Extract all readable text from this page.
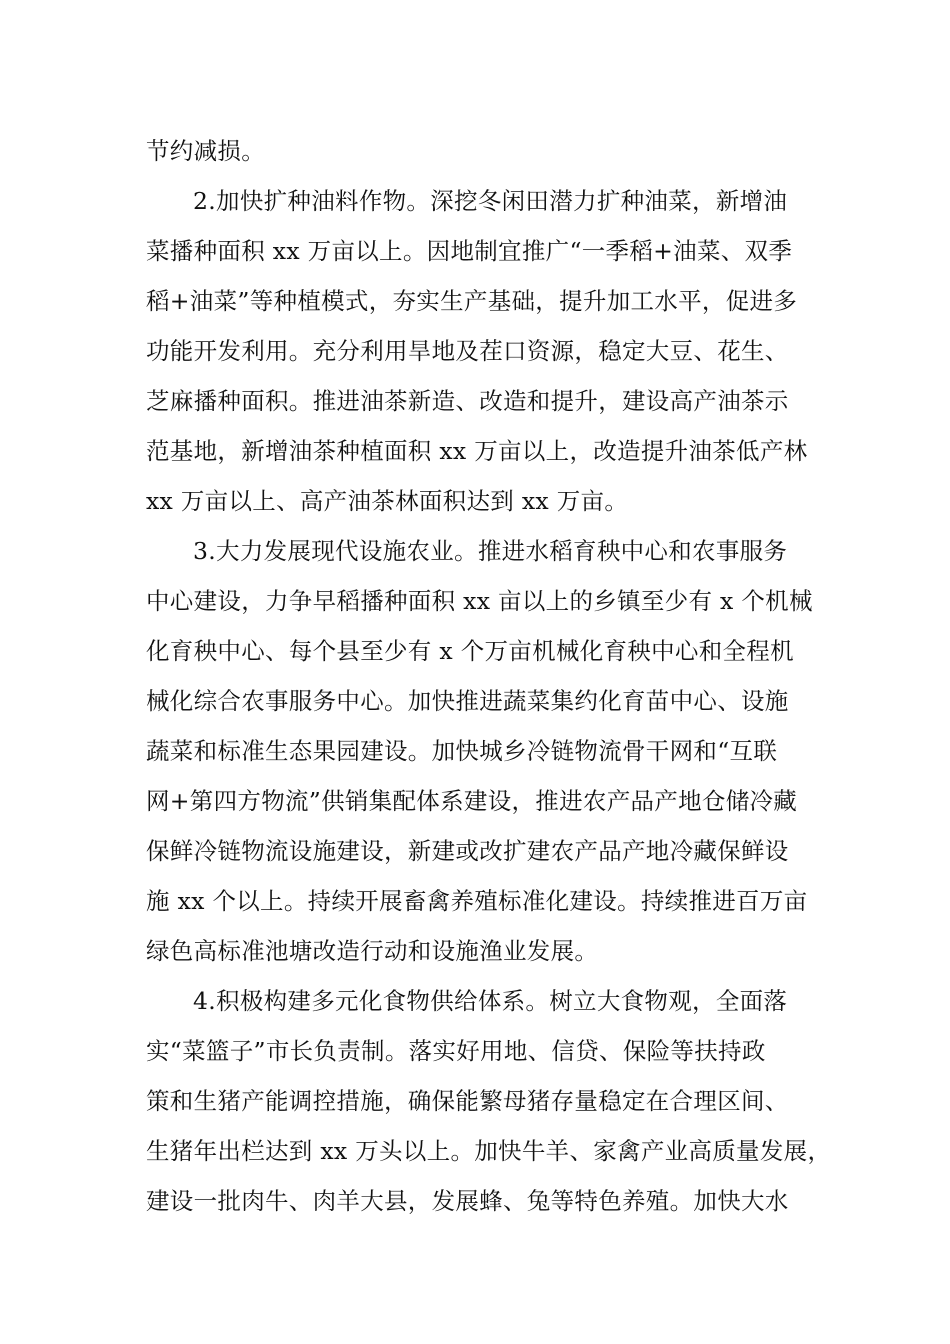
节约减损。
2.加快扩种油料作物。深挖冬闲田潜力扩种油菜，新增油
菜播种面积 xx 万亩以上。因地制宜推广“一季稻+油菜、双季
稻+油菜”等种植模式，夯实生产基础，提升加工水平，促进多
功能开发利用。充分利用旱地及茬口资源，稳定大豆、花生、
芝麻播种面积。推进油茶新造、改造和提升，建设高产油茶示
范基地，新增油茶种植面积 xx 万亩以上，改造提升油茶低产林
xx 万亩以上、高产油茶林面积达到 xx 万亩。
3.大力发展现代设施农业。推进水稻育秧中心和农事服务
中心建设，力争早稻播种面积 xx 亩以上的乡镇至少有 x 个机械
化育秧中心、每个县至少有 x 个万亩机械化育秧中心和全程机
械化综合农事服务中心。加快推进蔬菜集约化育苗中心、设施
蔬菜和标准生态果园建设。加快城乡冷链物流骨干网和“互联
网+第四方物流”供销集配体系建设，推进农产品产地仓储冷藏
保鲜冷链物流设施建设，新建或改扩建农产品产地冷藏保鲜设
施 xx 个以上。持续开展畜禽养殖标准化建设。持续推进百万亩
绿色高标准池塘改造行动和设施渔业发展。
4.积极构建多元化食物供给体系。树立大食物观，全面落
实“菜篮子”市长负责制。落实好用地、信贷、保险等扶持政
策和生猪产能调控措施，确保能繁母猪存量稳定在合理区间、
生猪年出栏达到 xx 万头以上。加快牛羊、家禽产业高质量发展，
建设一批肉牛、肉羊大县，发展蜂、兔等特色养殖。加快大水
